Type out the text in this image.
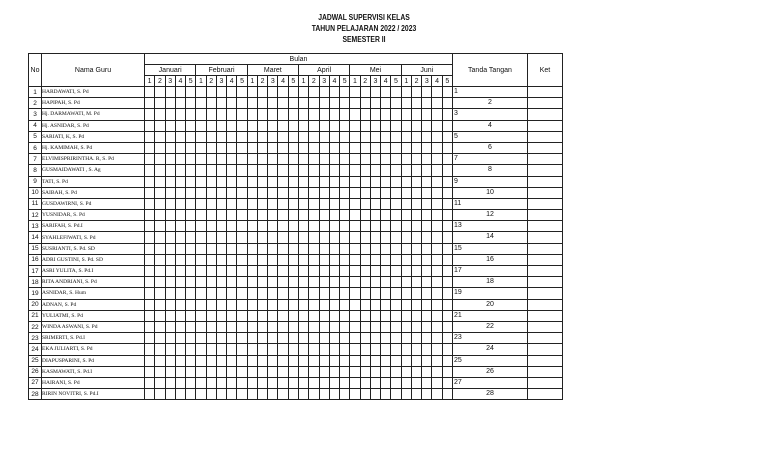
JADWAL SUPERVISI KELAS
TAHUN PELAJARAN 2022 / 2023
SEMESTER II
No	Nama Guru	Bulan																														Tanda Tangan	Ket
		Januari					Februari					Maret					April					Mei					Juni						
		1	2	3	4	5	1	2	3	4	5	1	2	3	4	5	1	2	3	4	5	1	2	3	4	5	1	2	3	4	5		
1	HARDAWATI, S. Pd																															1	

2	HAPIPAH, S. Pd																															2	

3	Hj. DARMAWATI, M. Pd																															3	

4	Hj. ASNIDAR, S. Pd																															4	

5	SARIATI, K, S. Pd																															5	

6	Hj. KAMIMAH, S. Pd																															6	

7	ELVIMISPRIRINTHA. R, S. Pd																															7	

8	GUSMAIDAWATI , S. Ag																															8	

9	TATI, S. Pd																															9	

10	SAIBAH, S. Pd																															10	

11	GUSDAWIRNI, S. Pd																															11	

12	YUSNIDAR, S. Pd																															12	

13	SARIFAH, S. Pd.I																															13	

14	SYAHLEFIWATI, S. Pd																															14	

15	SUSRIANTI, S. Pd. SD																															15	

16	ADRI GUSTINI, S. Pd. SD																															16	

17	ASRI YULITA, S. Pd.I																															17	

18	RITA ANDRIANI, S. Pd																															18	

19	ASNIDAR, S. Hum																															19	

20	ADNAN, S. Pd																															20	

21	YULIATMI, S. Pd																															21	

22	WINDA ASWANI, S. Pd																															22	

23	SRIMERTI, S. Pd.I																															23	

24	EKA JULIARTI, S. Pd																															24	

25	DIAPUSPARINI, S. Pd																															25	

26	KASMAWATI, S. Pd.I																															26	

27	HAIRANI, S. Pd																															27	

28	RIRIN NOVITRI, S. Pd.I																															28	
